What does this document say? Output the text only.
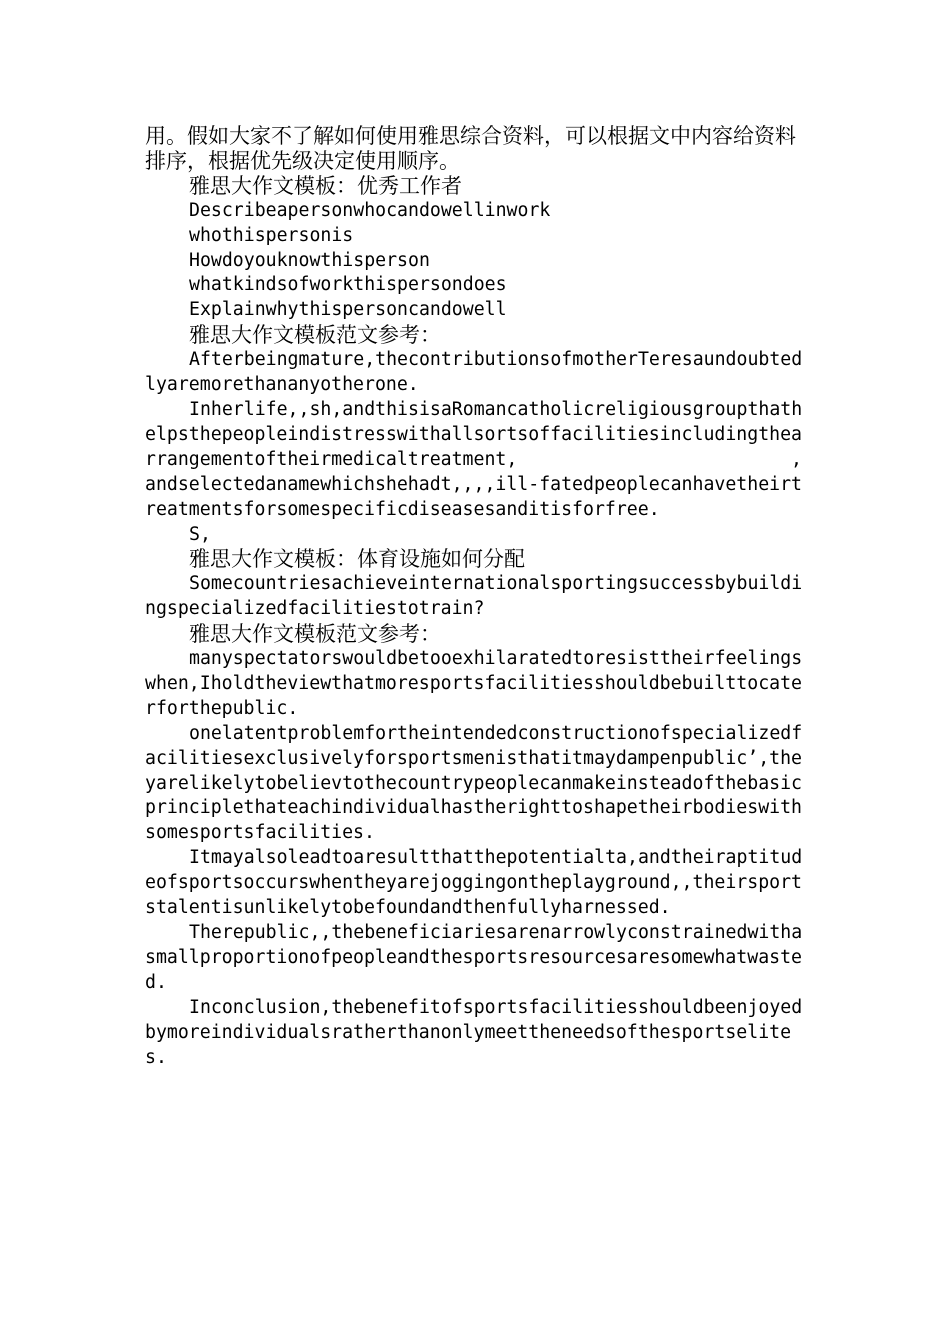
用。假如大家不了解如何使用雅思综合资料，可以根据文中内容给资料排序，根据优先级决定使用顺序。

雅思大作文模板：优秀工作者

Describeapersonwhocandowellinwork

whothispersonis

Howdoyouknowthisperson

whatkindsofworkthispersondoes

Explainwhythispersoncandowell

雅思大作文模板范文参考：

Afterbeingmature,thecontributionsofmotherTeresaundoubtedlyaremorethananyotherone.

Inherlife,,sh,andthisisaRomancatholicreligiousgroupthathelpsthepeopleindistresswithallsortsoffacilitiesincludingthearrangementoftheirmedicaltreatment,                         ,andselectedanamewhichshehadt,,,,ill-fatedpeoplecanhavetheirtreatmentsforsomespecificdiseasesanditisforfree.

S,

雅思大作文模板：体育设施如何分配

Somecountriesachieveinternationalsportingsuccessbybuildingspecializedfacilitiestotrain?

雅思大作文模板范文参考：

manyspectatorswouldbetooexhilaratedtoresisttheirfeelingswhen,Iholdtheviewthatmoresportsfacilitiesshouldbebuilttocaterforthepublic.

onelatentproblemfortheintendedconstructionofspecializedfacilitiesexclusivelyforsportsmenisthatitmaydampenpublic’,theyarelikelytobelievtothecountrypeoplecanmakeinsteadofthebasicprinciplethateachindividualhastherighttoshapetheirbodieswithsomesportsfacilities.

Itmayalsoleadtoaresultthatthepotentialta,andtheiraptitudeofsportsoccurswhentheyarejoggingontheplayground,,theirsportstalentisunlikelytobefoundandthenfullyharnessed.

Therepublic,,thebeneficiariesarenarrowlyconstrainedwithasmallproportionofpeopleandthesportsresourcesaresomewhatwasted.

Inconclusion,thebenefitofsportsfacilitiesshouldbeenjoyedbymoreindividualsratherthanonlymeettheneedsofthesportselites.
